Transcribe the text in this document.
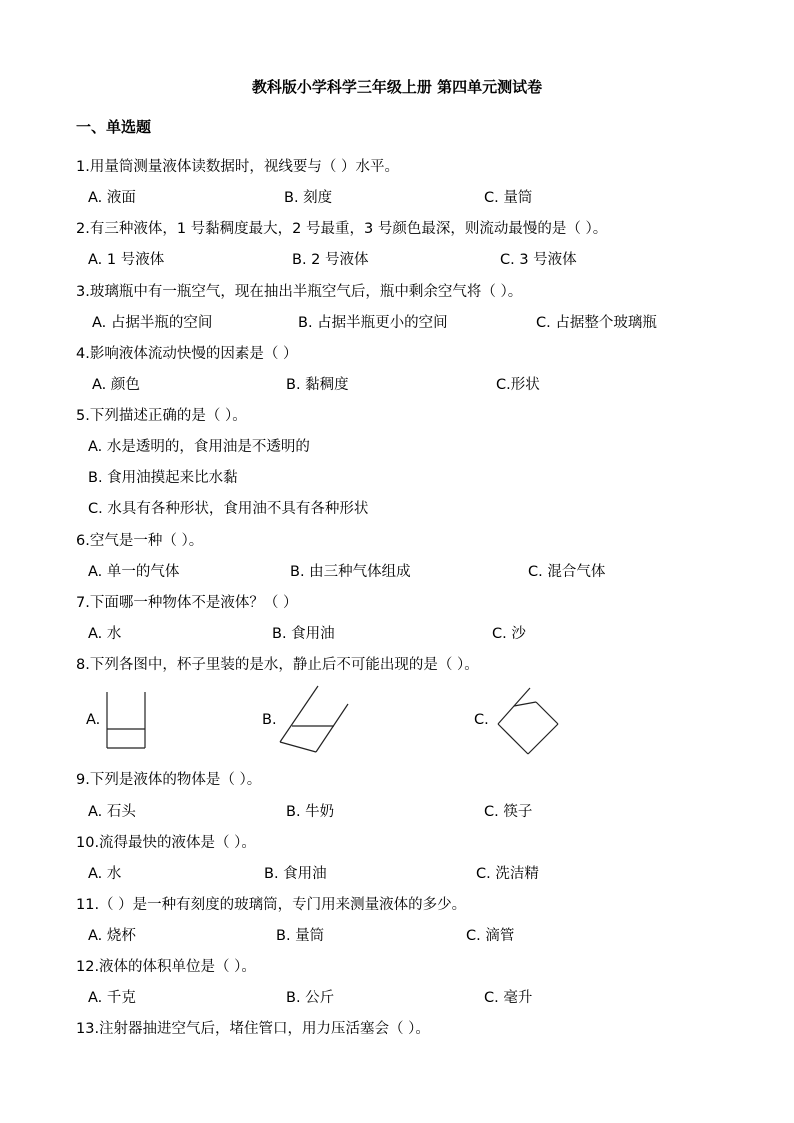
教科版小学科学三年级上册 第四单元测试卷
一、单选题
1.用量筒测量液体读数据时，视线要与（ ）水平。
A. 液面	B. 刻度	C. 量筒
2.有三种液体，1 号黏稠度最大，2 号最重，3 号颜色最深，则流动最慢的是（ ）。
A. 1 号液体	B. 2 号液体	C. 3 号液体
3.玻璃瓶中有一瓶空气，现在抽出半瓶空气后，瓶中剩余空气将（ ）。
A. 占据半瓶的空间	B. 占据半瓶更小的空间	C. 占据整个玻璃瓶
4.影响液体流动快慢的因素是（ ）
A. 颜色	B. 黏稠度	C.形状
5.下列描述正确的是（ ）。
A. 水是透明的，食用油是不透明的
B. 食用油摸起来比水黏
C. 水具有各种形状，食用油不具有各种形状
6.空气是一种（ ）。
A. 单一的气体	B. 由三种气体组成	C. 混合气体
7.下面哪一种物体不是液体？（ ）
A. 水	B. 食用油	C. 沙
8.下列各图中，杯子里装的是水，静止后不可能出现的是（ ）。
A.	B.	C.
9.下列是液体的物体是（ ）。
A. 石头	B. 牛奶	C. 筷子
10.流得最快的液体是（ ）。
A. 水	B. 食用油	C. 洗洁精
11.（ ）是一种有刻度的玻璃筒，专门用来测量液体的多少。
A. 烧杯	B. 量筒	C. 滴管
12.液体的体积单位是（ ）。
A. 千克	B. 公斤	C. 毫升
13.注射器抽进空气后，堵住管口，用力压活塞会（ ）。
